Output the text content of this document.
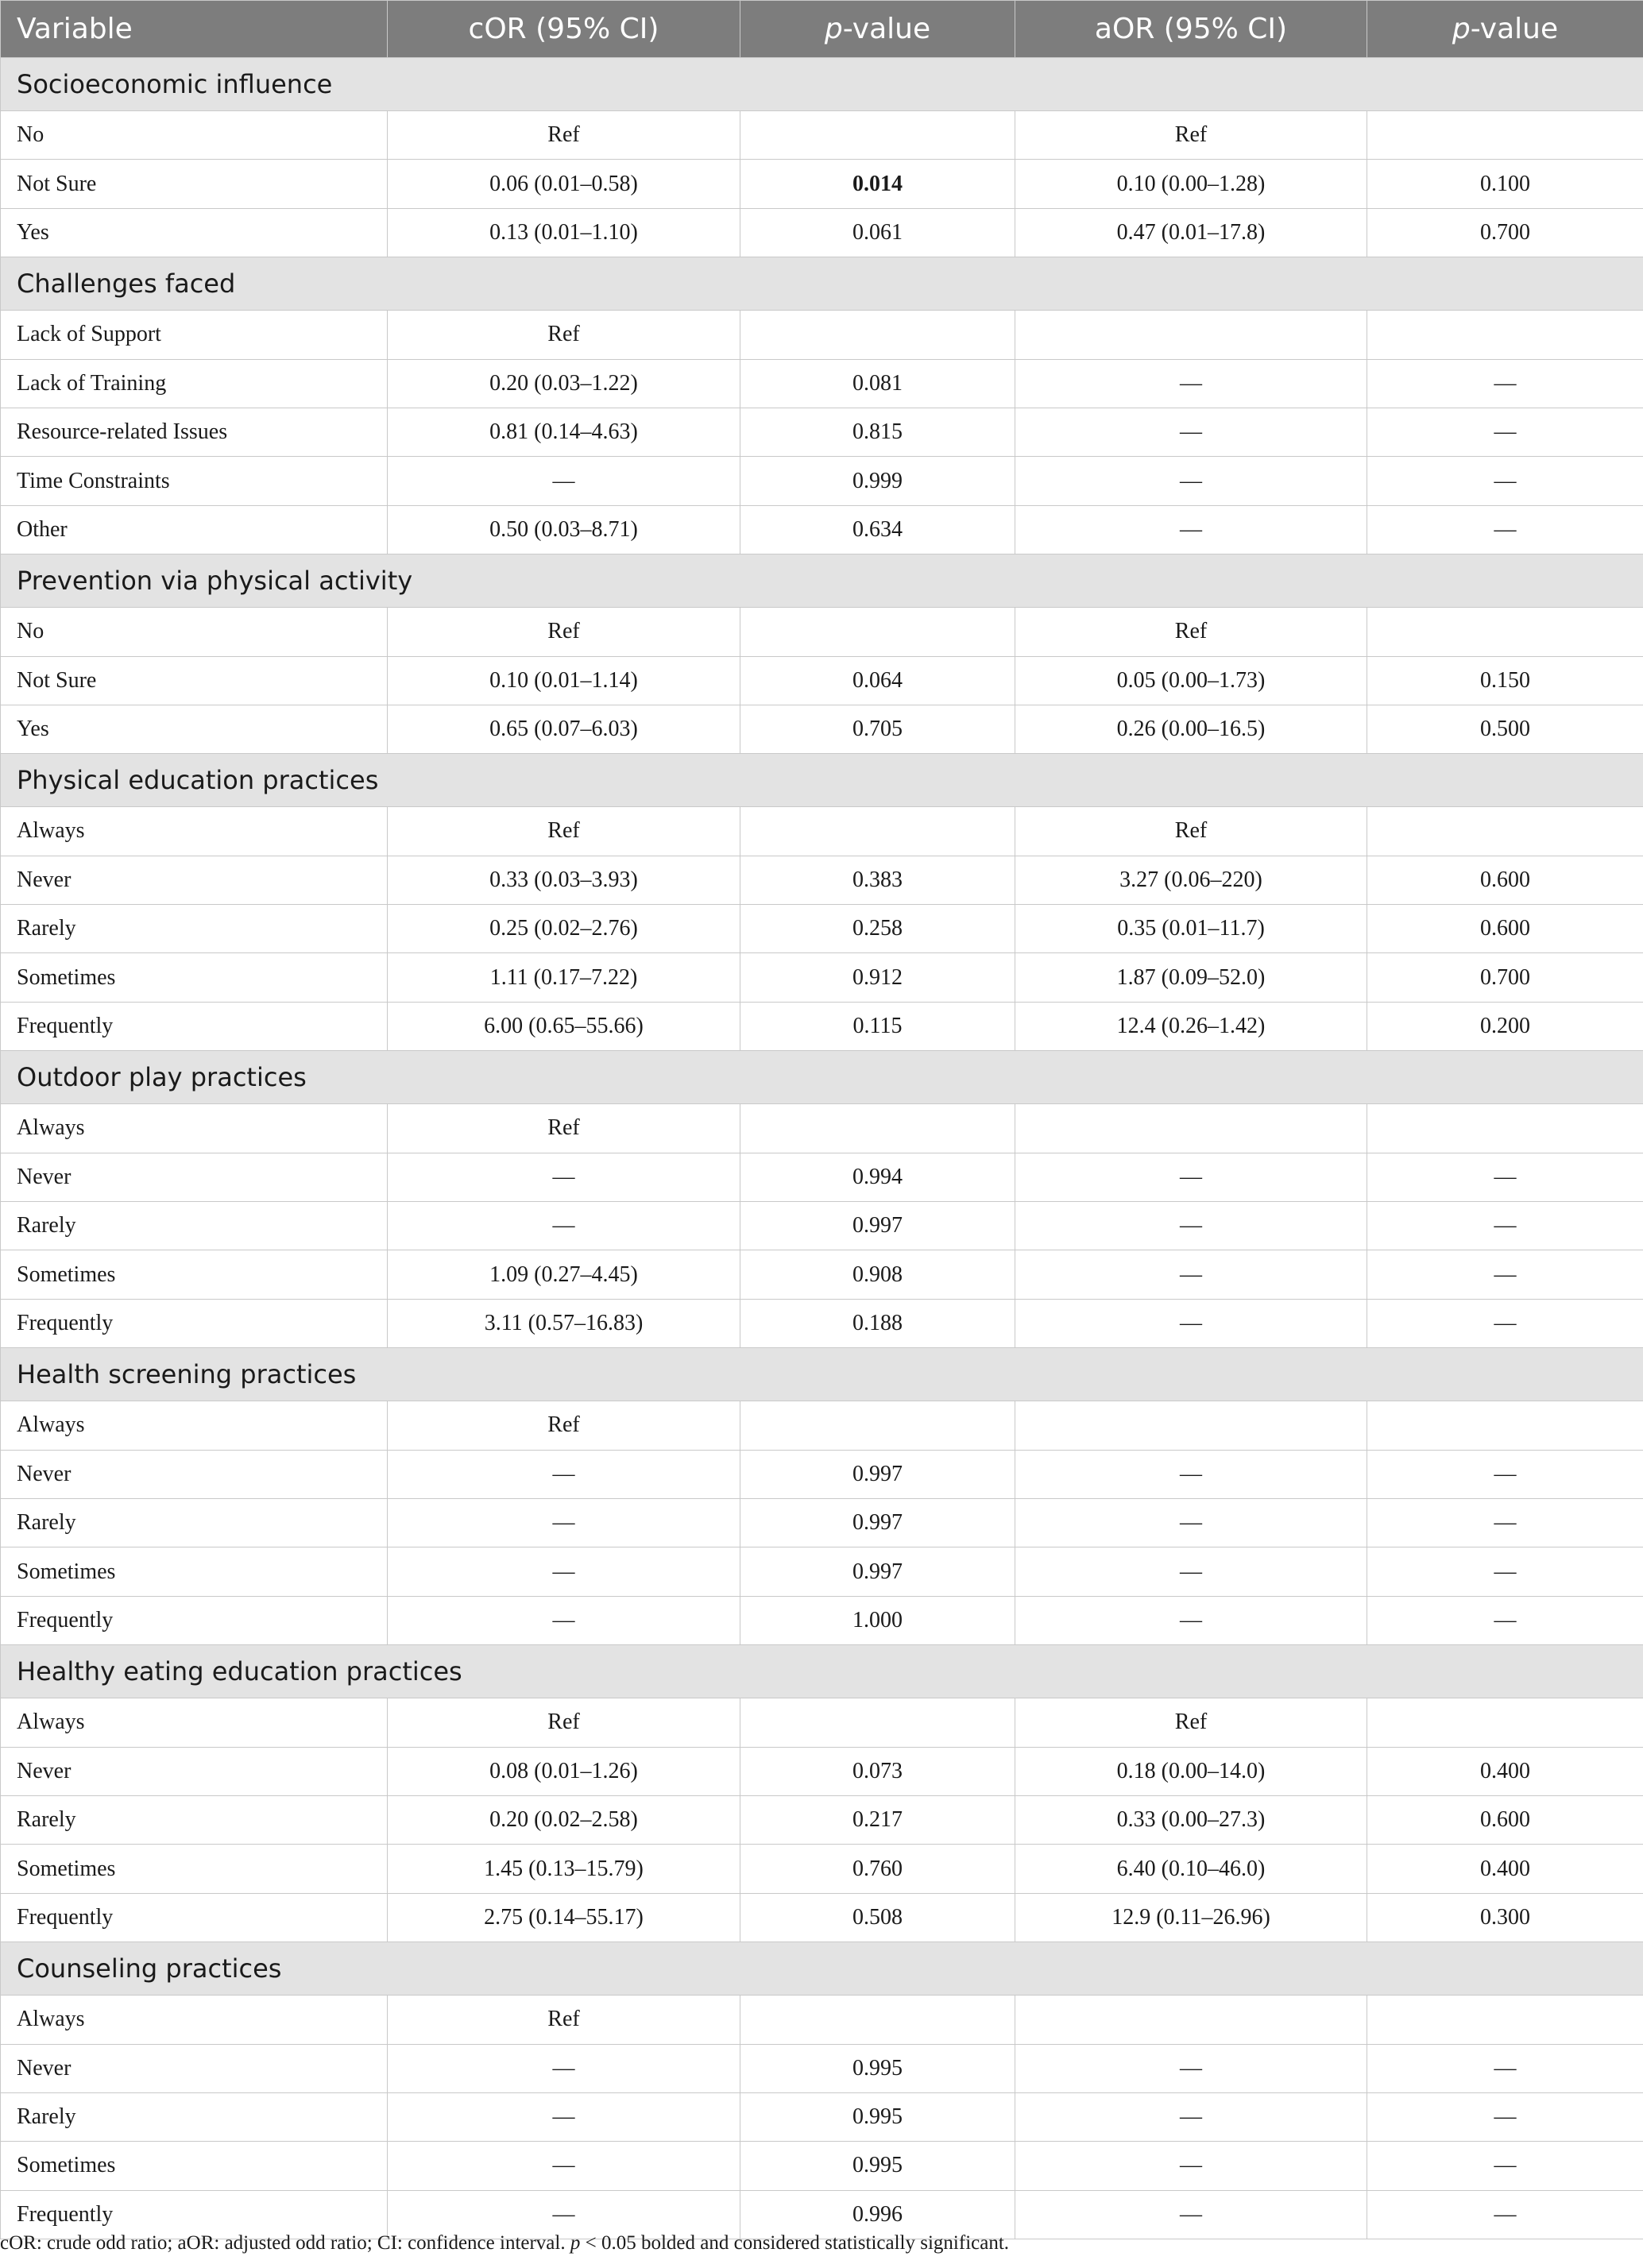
Variable	cOR (95% CI)	p-value	aOR (95% CI)	p-value
Socioeconomic influence				
No	Ref		Ref	
Not Sure	0.06 (0.01–0.58)	0.014	0.10 (0.00–1.28)	0.100
Yes	0.13 (0.01–1.10)	0.061	0.47 (0.01–17.8)	0.700
Challenges faced				
Lack of Support	Ref			
Lack of Training	0.20 (0.03–1.22)	0.081	—	—
Resource-related Issues	0.81 (0.14–4.63)	0.815	—	—
Time Constraints	—	0.999	—	—
Other	0.50 (0.03–8.71)	0.634	—	—
Prevention via physical activity				
No	Ref		Ref	
Not Sure	0.10 (0.01–1.14)	0.064	0.05 (0.00–1.73)	0.150
Yes	0.65 (0.07–6.03)	0.705	0.26 (0.00–16.5)	0.500
Physical education practices				
Always	Ref		Ref	
Never	0.33 (0.03–3.93)	0.383	3.27 (0.06–220)	0.600
Rarely	0.25 (0.02–2.76)	0.258	0.35 (0.01–11.7)	0.600
Sometimes	1.11 (0.17–7.22)	0.912	1.87 (0.09–52.0)	0.700
Frequently	6.00 (0.65–55.66)	0.115	12.4 (0.26–1.42)	0.200
Outdoor play practices				
Always	Ref			
Never	—	0.994	—	—
Rarely	—	0.997	—	—
Sometimes	1.09 (0.27–4.45)	0.908	—	—
Frequently	3.11 (0.57–16.83)	0.188	—	—
Health screening practices				
Always	Ref			
Never	—	0.997	—	—
Rarely	—	0.997	—	—
Sometimes	—	0.997	—	—
Frequently	—	1.000	—	—
Healthy eating education practices				
Always	Ref		Ref	
Never	0.08 (0.01–1.26)	0.073	0.18 (0.00–14.0)	0.400
Rarely	0.20 (0.02–2.58)	0.217	0.33 (0.00–27.3)	0.600
Sometimes	1.45 (0.13–15.79)	0.760	6.40 (0.10–46.0)	0.400
Frequently	2.75 (0.14–55.17)	0.508	12.9 (0.11–26.96)	0.300
Counseling practices				
Always	Ref			
Never	—	0.995	—	—
Rarely	—	0.995	—	—
Sometimes	—	0.995	—	—
Frequently	—	0.996	—	—
cOR: crude odd ratio; aOR: adjusted odd ratio; CI: confidence interval. p < 0.05 bolded and considered statistically significant.
